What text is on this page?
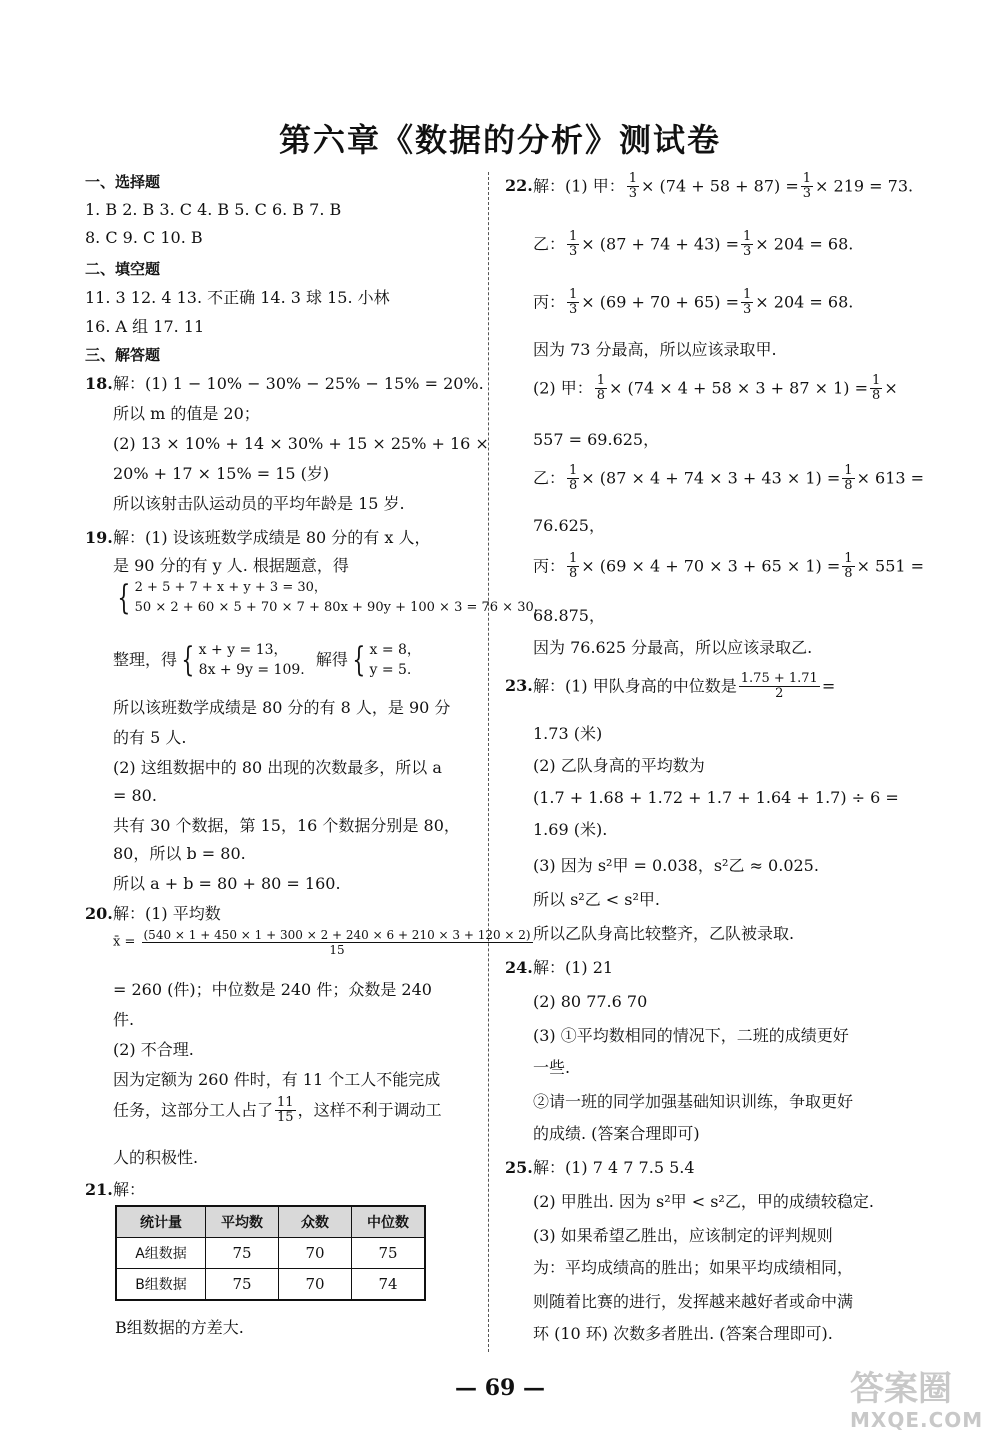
第六章《数据的分析》测试卷
一、选择题
1. B 2. B 3. C 4. B 5. C 6. B 7. B
8. C 9. C 10. B
二、填空题
11. 3 12. 4 13. 不正确 14. 3 球 15. 小林
16. A 组 17. 11
三、解答题
18.解：(1) 1 − 10% − 30% − 25% − 15% = 20%.
所以 m 的值是 20；
(2) 13 × 10% + 14 × 30% + 15 × 25% + 16 ×
20% + 17 × 15% = 15 (岁)
所以该射击队运动员的平均年龄是 15 岁.
19.解：(1) 设该班数学成绩是 80 分的有 x 人，
是 90 分的有 y 人. 根据题意，得
{ 2 + 5 + 7 + x + y + 3 = 30，
50 × 2 + 60 × 5 + 70 × 7 + 80x + 90y + 100 × 3 = 76 × 30.
整理，得 { x + y = 13，
8x + 9y = 109.
解得 { x = 8，
y = 5.
所以该班数学成绩是 80 分的有 8 人，是 90 分
的有 5 人.
(2) 这组数据中的 80 出现的次数最多，所以 a
= 80.
共有 30 个数据，第 15，16 个数据分别是 80，
80，所以 b = 80.
所以 a + b = 80 + 80 = 160.
20.解：(1) 平均数
x̄ = $\frac{(540 \times 1 + 450 \times 1 + 300 \times 2 + 240 \times 6 + 210 \times 3 + 120 \times 2)}{15}$
= 260 (件)；中位数是 240 件；众数是 240
件.
(2) 不合理.
因为定额为 260 件时，有 11 个工人不能完成
任务，这部分工人占了 $\frac{11}{15}$ ，这样不利于调动工
人的积极性.
21.解：
统计量	平均数	众数	中位数
A组数据	75	70	75
B组数据	75	70	74
B组数据的方差大.
22.解：(1) 甲： $\frac{1}{3} \times (74 + 58 + 87) = \frac{1}{3} \times 219 = 73$.
乙： $\frac{1}{3} \times (87 + 74 + 43) = \frac{1}{3} \times 204 = 68$.
丙： $\frac{1}{3} \times (69 + 70 + 65) = \frac{1}{3} \times 204 = 68$.
因为 73 分最高，所以应该录取甲.
(2) 甲： $\frac{1}{8} \times (74 \times 4 + 58 \times 3 + 87 \times 1) = \frac{1}{8}$ ×
557 = 69.625，
乙： $\frac{1}{8} \times (87 \times 4 + 74 \times 3 + 43 \times 1) = \frac{1}{8} \times 613$ =
76.625，
丙： $\frac{1}{8} \times (69 \times 4 + 70 \times 3 + 65 \times 1) = \frac{1}{8} \times 551$ =
68.875，
因为 76.625 分最高，所以应该录取乙.
23.解：(1) 甲队身高的中位数是 $\frac{1.75 + 1.71}{2}$ =
1.73 (米)
(2) 乙队身高的平均数为
(1.7 + 1.68 + 1.72 + 1.7 + 1.64 + 1.7) ÷ 6 =
1.69 (米).
(3) 因为 s²甲 = 0.038，s²乙 ≈ 0.025.
所以 s²乙 < s²甲.
所以乙队身高比较整齐，乙队被录取.
24.解：(1) 21
(2) 80 77.6 70
(3) ①平均数相同的情况下，二班的成绩更好
一些.
②请一班的同学加强基础知识训练，争取更好
的成绩. (答案合理即可)
25.解：(1) 7 4 7 7.5 5.4
(2) 甲胜出. 因为 s²甲 < s²乙，甲的成绩较稳定.
(3) 如果希望乙胜出，应该制定的评判规则
为：平均成绩高的胜出；如果平均成绩相同，
则随着比赛的进行，发挥越来越好者或命中满
环 (10 环) 次数多者胜出. (答案合理即可).
— 69 —	答案圈
MXQE.COM
